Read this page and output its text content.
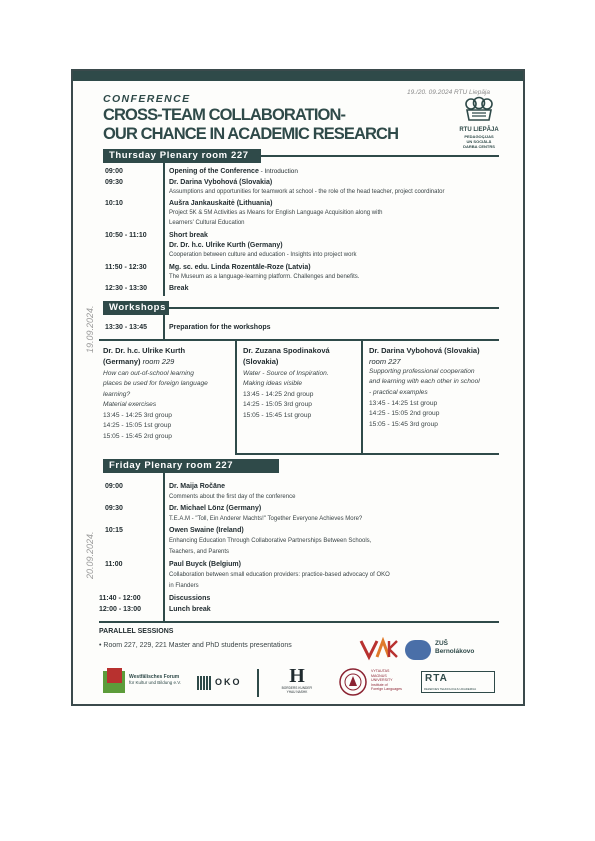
19./20. 09.2024 RTU Liepāja
CONFERENCE
CROSS-TEAM COLLABORATION-
OUR CHANCE IN ACADEMIC RESEARCH	RTU LIEPĀJA
PEDAGOĢIJAS
UN SOCIĀLĀ
DARBA CENTRS
19.09.2024.
20.09.2024.
Thursday Plenary room 227
09:00	Opening of the Conference - Introduction
09:30	Dr. Darina Vybohová (Slovakia)
Assumptions and opportunities for teamwork at school - the role of the head teacher, project coordinator
10:10	Aušra Jankauskaitė (Lithuania)
Project 5K & 5M Activities as Means for English Language Acquisition along with
Learners' Cultural Education
10:50 - 11:10	Short break
Dr. Dr. h.c. Ulrike Kurth (Germany)
Cooperation between culture and education - Insights into project work
11:50 - 12:30	Mg. sc. edu. Linda Rozentāle-Roze (Latvia)
The Museum as a language-learning platform. Challenges and benefits.
12:30 - 13:30	Break
Workshops
13:30 - 13:45	Preparation for the workshops
Dr. Dr. h.c. Ulrike Kurth
(Germany) room 229
How can out-of-school learning
places be used for foreign language
learning?
Material exercises
13:45 - 14:25 3rd group
14:25 - 15:05 1st group
15:05 - 15:45 2rd group
Dr. Zuzana Spodinaková
(Slovakia)
Water - Source of Inspiration.
Making ideas visible
13:45 - 14:25 2nd group
14:25 - 15:05 3rd group
15:05 - 15:45 1st group
Dr. Darina Vybohová (Slovakia)
room 227
Supporting professional cooperation
and learning with each other in school
- practical examples
13:45 - 14:25 1st group
14:25 - 15:05 2nd group
15:05 - 15:45 3rd group
Friday Plenary room 227
09:00	Dr. Maija Ročāne
Comments about the first day of the conference
09:30	Dr. Michael Lönz (Germany)
T.E.A.M - "Toll, Ein Anderer Machts!" Together Everyone Achieves More?
10:15	Owen Swaine (Ireland)
Enhancing Education Through Collaborative Partnerships Between Schools,
Teachers, and Parents
11:00	Paul Buyck (Belgium)
Collaboration between small education providers: practice-based advocacy of OKO
in Flanders
11:40 - 12:00	Discussions
12:00 - 13:00	Lunch break
PARALLEL SESSIONS
• Room 227, 229, 221 Master and PhD students presentations	ZUŠ
Bernolákovo
Westfälisches Forum
für Kultur und Bildung e.V.	OKO	H
BORDERS KUNDEFI
YHAU NASHK
VYTAUTAS
MAGNUS
UNIVERSITY
Institute of
Foreign Languages
RTA
REZEKNES TEHNOLOGIJU AKADEMIJA
